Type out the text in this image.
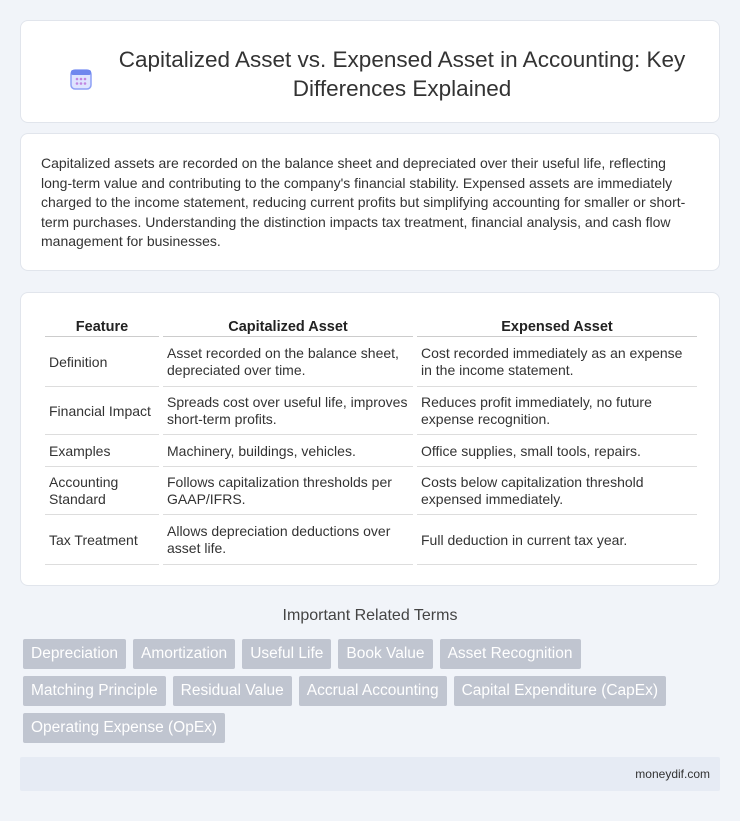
Capitalized Asset vs. Expensed Asset in Accounting: Key Differences Explained

Capitalized assets are recorded on the balance sheet and depreciated over their useful life, reflecting long-term value and contributing to the company's financial stability. Expensed assets are immediately charged to the income statement, reducing current profits but simplifying accounting for smaller or short-term purchases. Understanding the distinction impacts tax treatment, financial analysis, and cash flow management for businesses.

Feature	Capitalized Asset	Expensed Asset
Definition	Asset recorded on the balance sheet, depreciated over time.	Cost recorded immediately as an expense in the income statement.
Financial Impact	Spreads cost over useful life, improves short-term profits.	Reduces profit immediately, no future expense recognition.
Examples	Machinery, buildings, vehicles.	Office supplies, small tools, repairs.
Accounting Standard	Follows capitalization thresholds per GAAP/IFRS.	Costs below capitalization threshold expensed immediately.
Tax Treatment	Allows depreciation deductions over asset life.	Full deduction in current tax year.
Important Related Terms
Depreciation	Amortization	Useful Life	Book Value	Asset Recognition
Matching Principle	Residual Value	Accrual Accounting	Capital Expenditure (CapEx)
Operating Expense (OpEx)
moneydif.com
